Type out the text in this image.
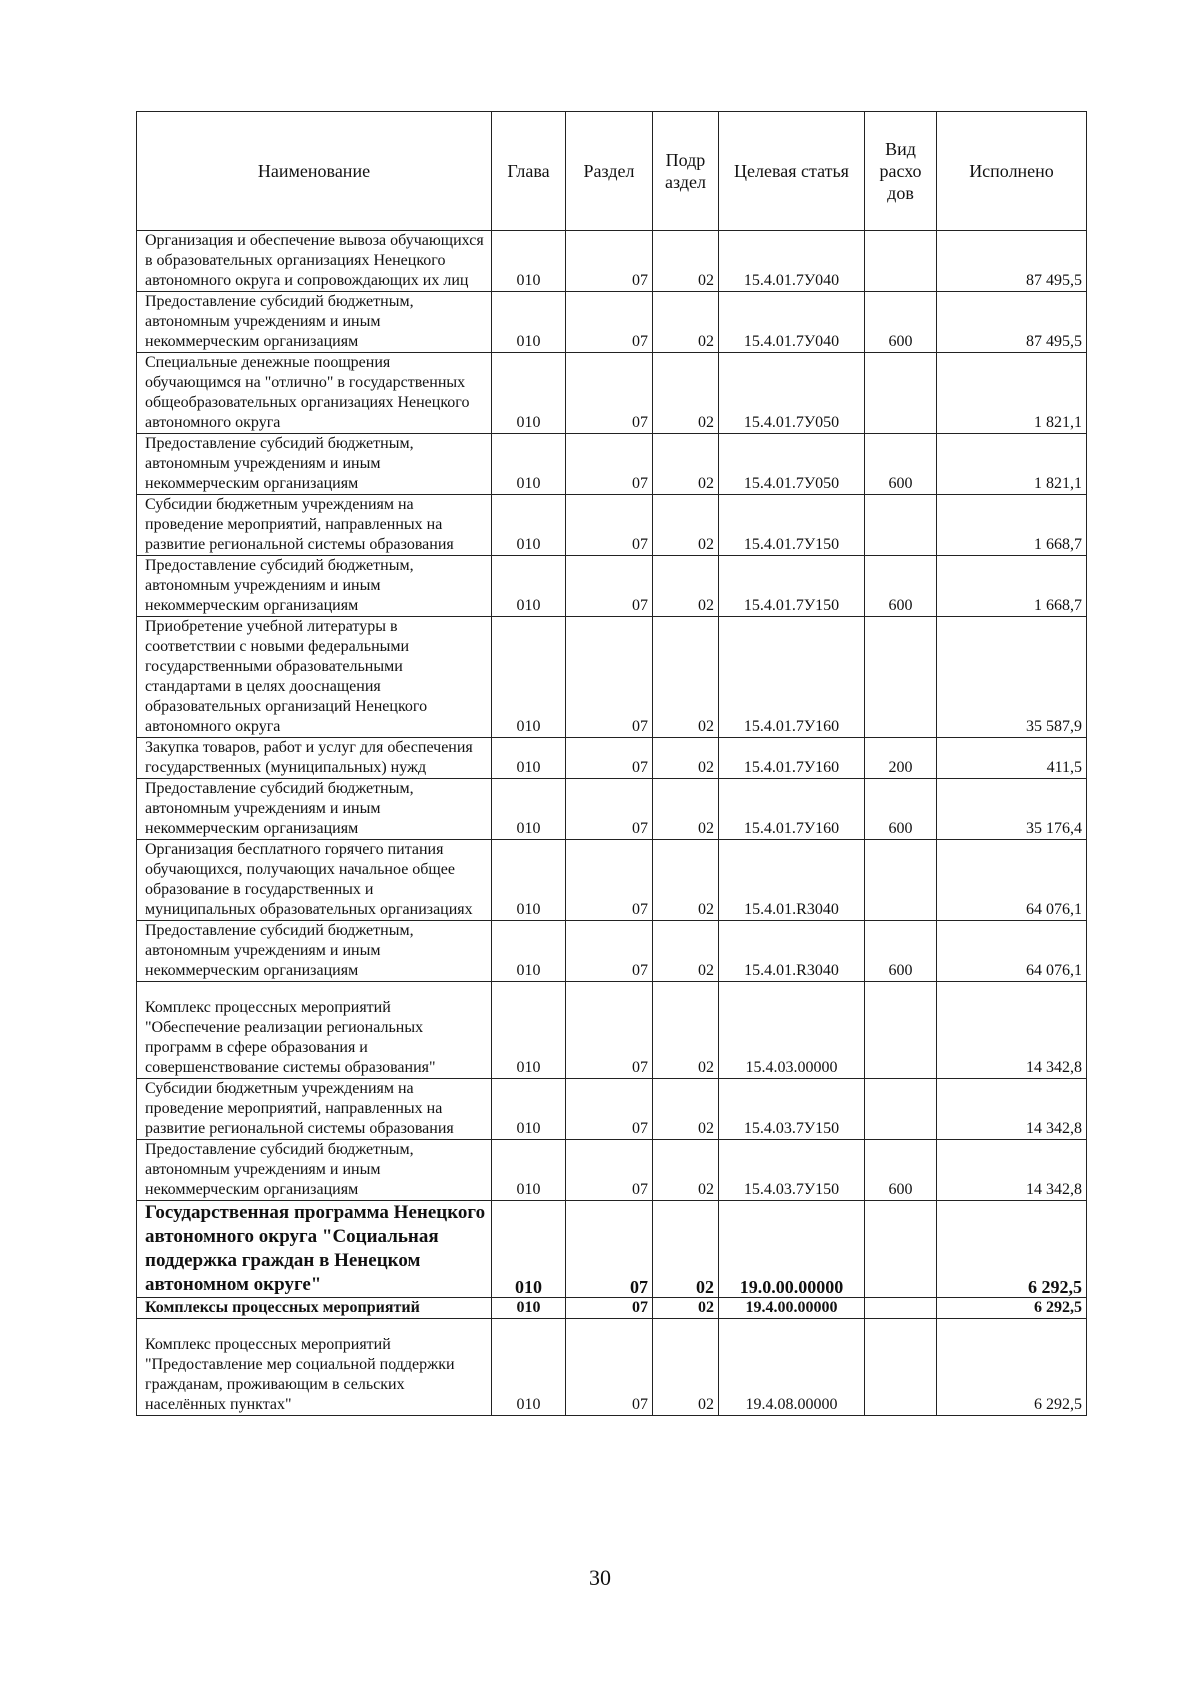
Наименование	Глава	Раздел	Подр аздел	Целевая статья	Вид расхо дов	Исполнено
Организация и обеспечение вывоза обучающихся в образовательных организациях Ненецкого автономного округа и сопровождающих их лиц	010	07	02	15.4.01.7У040		87 495,5
Предоставление субсидий бюджетным, автономным учреждениям и иным некоммерческим организациям	010	07	02	15.4.01.7У040	600	87 495,5
Специальные денежные поощрения обучающимся на "отлично" в государственных общеобразовательных организациях Ненецкого автономного округа	010	07	02	15.4.01.7У050		1 821,1
Предоставление субсидий бюджетным, автономным учреждениям и иным некоммерческим организациям	010	07	02	15.4.01.7У050	600	1 821,1
Субсидии бюджетным учреждениям на проведение мероприятий, направленных на развитие региональной системы образования	010	07	02	15.4.01.7У150		1 668,7
Предоставление субсидий бюджетным, автономным учреждениям и иным некоммерческим организациям	010	07	02	15.4.01.7У150	600	1 668,7
Приобретение учебной литературы в соответствии с новыми федеральными государственными образовательными стандартами в целях дооснащения образовательных организаций Ненецкого автономного округа	010	07	02	15.4.01.7У160		35 587,9
Закупка товаров, работ и услуг для обеспечения государственных (муниципальных) нужд	010	07	02	15.4.01.7У160	200	411,5
Предоставление субсидий бюджетным, автономным учреждениям и иным некоммерческим организациям	010	07	02	15.4.01.7У160	600	35 176,4
Организация бесплатного горячего питания обучающихся, получающих начальное общее образование в государственных и муниципальных образовательных организациях	010	07	02	15.4.01.R3040		64 076,1
Предоставление субсидий бюджетным, автономным учреждениям и иным некоммерческим организациям	010	07	02	15.4.01.R3040	600	64 076,1
Комплекс процессных мероприятий "Обеспечение реализации региональных программ в сфере образования и совершенствование системы образования"	010	07	02	15.4.03.00000		14 342,8
Субсидии бюджетным учреждениям на проведение мероприятий, направленных на развитие региональной системы образования	010	07	02	15.4.03.7У150		14 342,8
Предоставление субсидий бюджетным, автономным учреждениям и иным некоммерческим организациям	010	07	02	15.4.03.7У150	600	14 342,8
Государственная программа Ненецкого автономного округа "Социальная поддержка граждан в Ненецком автономном округе"	010	07	02	19.0.00.00000		6 292,5
Комплексы процессных мероприятий	010	07	02	19.4.00.00000		6 292,5
Комплекс процессных мероприятий "Предоставление мер социальной поддержки гражданам, проживающим в сельских населённых пунктах"	010	07	02	19.4.08.00000		6 292,5
30
